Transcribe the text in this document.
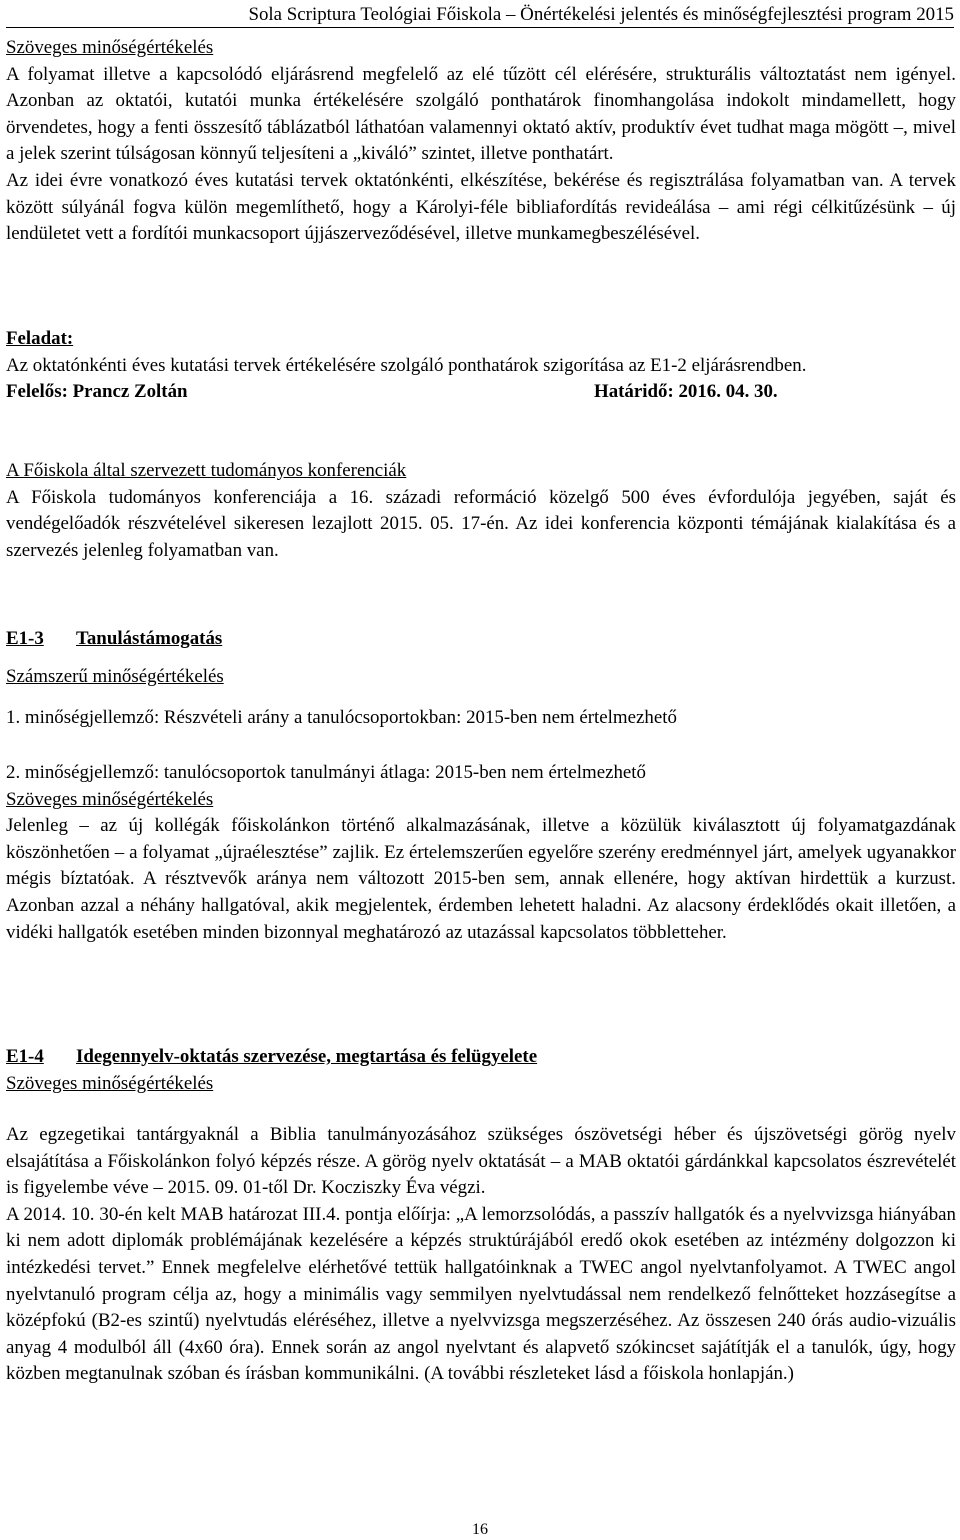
Sola Scriptura Teológiai Főiskola – Önértékelési jelentés és minőségfejlesztési program 2015
Szöveges minőségértékelés

A folyamat illetve a kapcsolódó eljárásrend megfelelő az elé tűzött cél elérésére, strukturális változtatást nem igényel. Azonban az oktatói, kutatói munka értékelésére szolgáló ponthatárok finomhangolása indokolt mindamellett, hogy örvendetes, hogy a fenti összesítő táblázatból láthatóan valamennyi oktató aktív, produktív évet tudhat maga mögött –, mivel a jelek szerint túlságosan könnyű teljesíteni a „kiváló” szintet, illetve ponthatárt.

Az idei évre vonatkozó éves kutatási tervek oktatónkénti, elkészítése, bekérése és regisztrálása folyamatban van. A tervek között súlyánál fogva külön megemlíthető, hogy a Károlyi-féle bibliafordítás revideálása – ami régi célkitűzésünk – új lendületet vett a fordítói munkacsoport újjászerveződésével, illetve munkamegbeszélésével.

Feladat:

Az oktatónkénti éves kutatási tervek értékelésére szolgáló ponthatárok szigorítása az E1-2 eljárásrendben.

Felelős: Prancz Zoltán	Határidő: 2016. 04. 30.
A Főiskola által szervezett tudományos konferenciák

A Főiskola tudományos konferenciája a 16. századi reformáció közelgő 500 éves évfordulója jegyében, saját és vendégelőadók részvételével sikeresen lezajlott 2015. 05. 17-én. Az idei konferencia központi témájának kialakítása és a szervezés jelenleg folyamatban van.

E1-3 Tanulástámogatás
Számszerű minőségértékelés
1. minőségjellemző: Részvételi arány a tanulócsoportokban: 2015-ben nem értelmezhető
2. minőségjellemző: tanulócsoportok tanulmányi átlaga: 2015-ben nem értelmezhető
Szöveges minőségértékelés

Jelenleg – az új kollégák főiskolánkon történő alkalmazásának, illetve a közülük kiválasztott új folyamatgazdának köszönhetően – a folyamat „újraélesztése” zajlik. Ez értelemszerűen egyelőre szerény eredménnyel járt, amelyek ugyanakkor mégis bíztatóak. A résztvevők aránya nem változott 2015-ben sem, annak ellenére, hogy aktívan hirdettük a kurzust. Azonban azzal a néhány hallgatóval, akik megjelentek, érdemben lehetett haladni. Az alacsony érdeklődés okait illetően, a vidéki hallgatók esetében minden bizonnyal meghatározó az utazással kapcsolatos többletteher.

E1-4 Idegennyelv-oktatás szervezése, megtartása és felügyelete
Szöveges minőségértékelés

Az egzegetikai tantárgyaknál a Biblia tanulmányozásához szükséges ószövetségi héber és újszövetségi görög nyelv elsajátítása a Főiskolánkon folyó képzés része. A görög nyelv oktatását – a MAB oktatói gárdánkkal kapcsolatos észrevételét is figyelembe véve – 2015. 09. 01-től Dr. Kocziszky Éva végzi.

A 2014. 10. 30-én kelt MAB határozat III.4. pontja előírja: „A lemorzsolódás, a passzív hallgatók és a nyelvvizsga hiányában ki nem adott diplomák problémájának kezelésére a képzés struktúrájából eredő okok esetében az intézmény dolgozzon ki intézkedési tervet.” Ennek megfelelve elérhetővé tettük hallgatóinknak a TWEC angol nyelvtanfolyamot. A TWEC angol nyelvtanuló program célja az, hogy a minimális vagy semmilyen nyelvtudással nem rendelkező felnőtteket hozzásegítse a középfokú (B2-es szintű) nyelvtudás eléréséhez, illetve a nyelvvizsga megszerzéséhez. Az összesen 240 órás audio-vizuális anyag 4 modulból áll (4x60 óra). Ennek során az angol nyelvtant és alapvető szókincset sajátítják el a tanulók, úgy, hogy közben megtanulnak szóban és írásban kommunikálni. (A további részleteket lásd a főiskola honlapján.)

16
